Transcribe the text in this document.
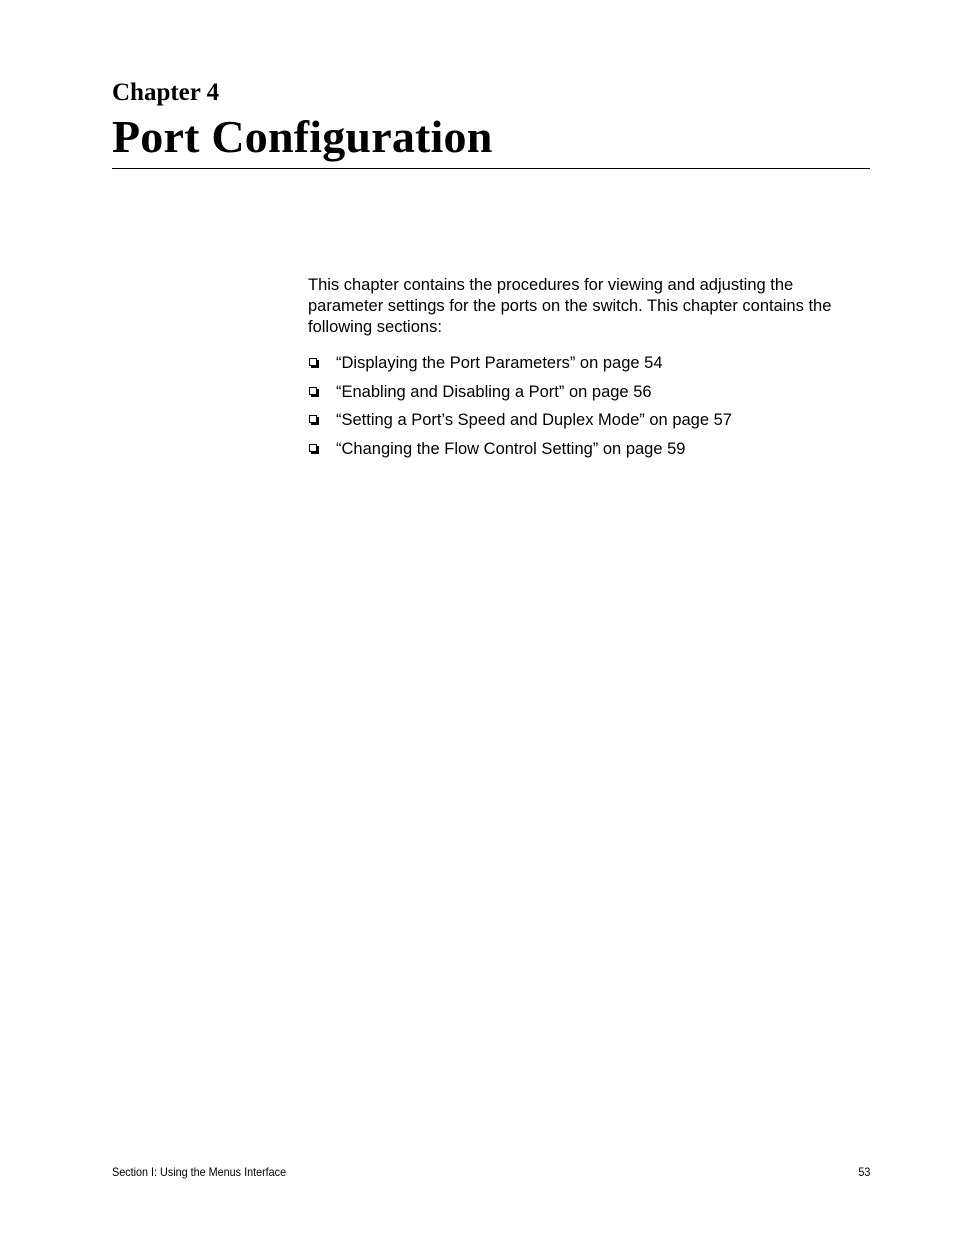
Chapter 4
Port Configuration

This chapter contains the procedures for viewing and adjusting the parameter settings for the ports on the switch. This chapter contains the following sections:

“Displaying the Port Parameters” on page 54
“Enabling and Disabling a Port” on page 56
“Setting a Port’s Speed and Duplex Mode” on page 57
“Changing the Flow Control Setting” on page 59
Section I: Using the Menus Interface	53
